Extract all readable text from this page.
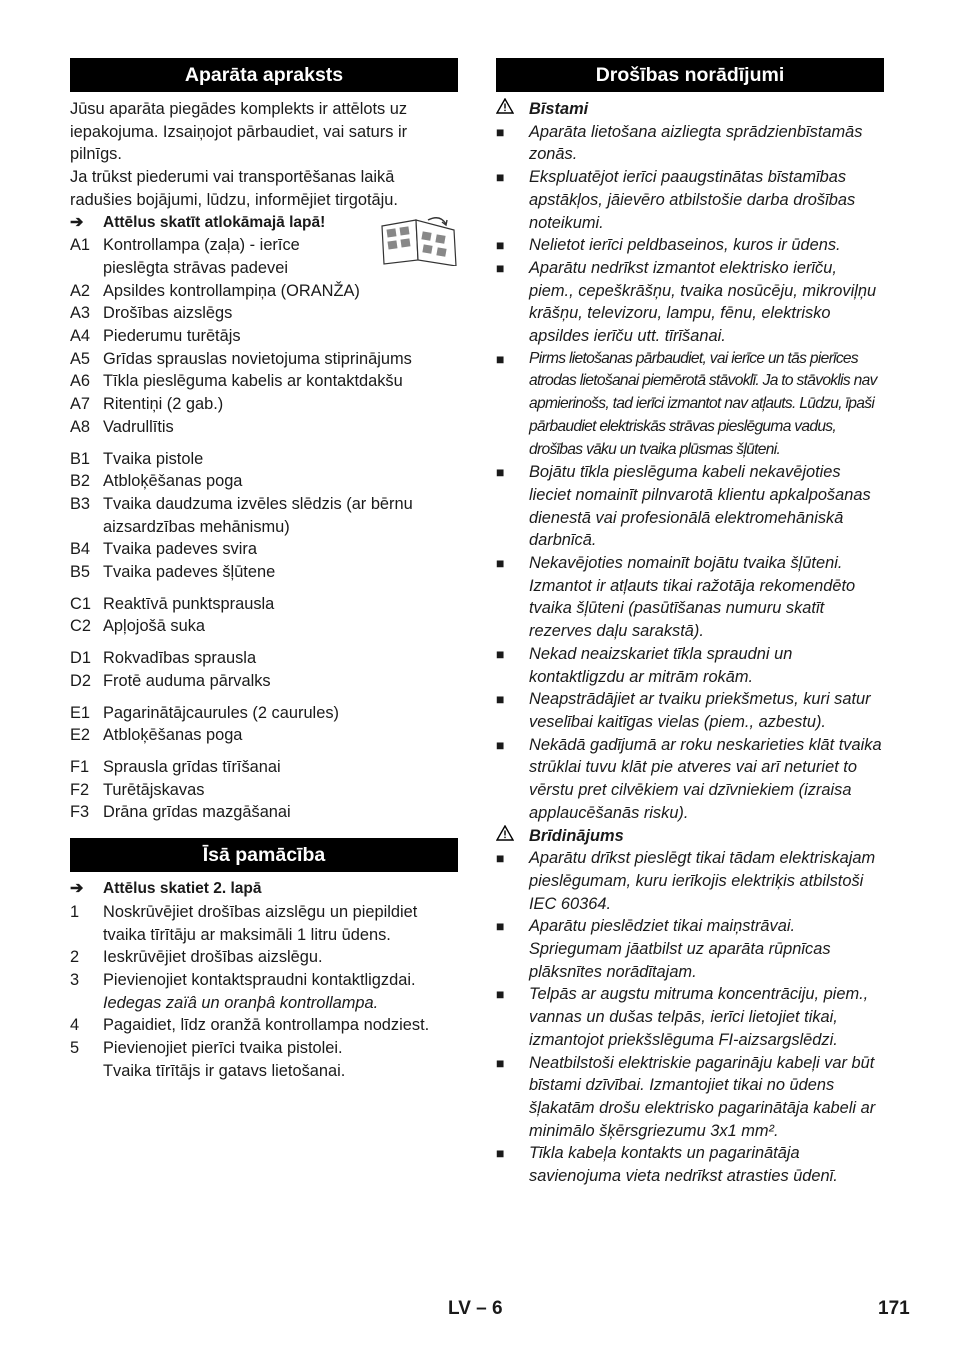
Aparāta apraksts

Jūsu aparāta piegādes komplekts ir attēlots uz iepakojuma. Izsaiņojot pārbaudiet, vai saturs ir pilnīgs.

Ja trūkst piederumi vai transportēšanas laikā radušies bojājumi, lūdzu, informējiet tirgotāju.

➔	Attēlus skatīt atlokāmajā lapā!
A1 Kontrollampa (zaļa) - ierīce pieslēgta strāvas padevei
A2 Apsildes kontrollampiņa (ORANŽA)
A3 Drošības aizslēgs
A4 Piederumu turētājs
A5 Grīdas sprauslas novietojuma stiprinājums
A6 Tīkla pieslēguma kabelis ar kontaktdakšu
A7 Ritentiņi (2 gab.)
A8 Vadrullītis
B1 Tvaika pistole
B2 Atbloķēšanas poga
B3 Tvaika daudzuma izvēles slēdzis (ar bērnu aizsardzības mehānismu)
B4 Tvaika padeves svira
B5 Tvaika padeves šļūtene
C1 Reaktīvā punktsprausla
C2 Apļojošā suka
D1 Rokvadības sprausla
D2 Frotē auduma pārvalks
E1 Pagarinātājcaurules (2 caurules)
E2 Atbloķēšanas poga
F1 Sprausla grīdas tīrīšanai
F2 Turētājskavas
F3 Drāna grīdas mazgāšanai
Īsā pamācība
➔	Attēlus skatiet 2. lapā
1	Noskrūvējiet drošības aizslēgu un piepildiet tvaika tīrītāju ar maksimāli 1 litru ūdens.
2	Ieskrūvējiet drošības aizslēgu.
3	Pievienojiet kontaktspraudni kontaktligzdai.
Iedegas zaïâ un oranþâ kontrollampa.
4	Pagaidiet, līdz oranžā kontrollampa nodziest.
5	Pievienojiet pierīci tvaika pistolei.
Tvaika tīrītājs ir gatavs lietošanai.
Drošības norādījumi
Bīstami
■	Aparāta lietošana aizliegta sprādzienbīstamās zonās.
■	Ekspluatējot ierīci paaugstinātas bīstamības apstākļos, jāievēro atbilstošie darba drošības noteikumi.
■	Nelietot ierīci peldbaseinos, kuros ir ūdens.
■	Aparātu nedrīkst izmantot elektrisko ierīču, piem., cepeškrāšņu, tvaika nosūcēju, mikroviļņu krāšņu, televizoru, lampu, fēnu, elektrisko apsildes ierīču utt. tīrīšanai.
■	Pirms lietošanas pārbaudiet, vai ierīce un tās pierīces atrodas lietošanai piemērotā stāvoklī. Ja to stāvoklis nav apmierinošs, tad ierīci izmantot nav atļauts. Lūdzu, īpaši pārbaudiet elektriskās strāvas pieslēguma vadus, drošības vāku un tvaika plūsmas šļūteni.
■	Bojātu tīkla pieslēguma kabeli nekavējoties lieciet nomainīt pilnvarotā klientu apkalpošanas dienestā vai profesionālā elektromehāniskā darbnīcā.
■	Nekavējoties nomainīt bojātu tvaika šļūteni. Izmantot ir atļauts tikai ražotāja rekomendēto tvaika šļūteni (pasūtīšanas numuru skatīt rezerves daļu sarakstā).
■	Nekad neaizskariet tīkla spraudni un kontaktligzdu ar mitrām rokām.
■	Neapstrādājiet ar tvaiku priekšmetus, kuri satur veselībai kaitīgas vielas (piem., azbestu).
■	Nekādā gadījumā ar roku neskarieties klāt tvaika strūklai tuvu klāt pie atveres vai arī neturiet to vērstu pret cilvēkiem vai dzīvniekiem (izraisa applaucēšanās risku).
Brīdinājums
■	Aparātu drīkst pieslēgt tikai tādam elektriskajam pieslēgumam, kuru ierīkojis elektriķis atbilstoši IEC 60364.
■	Aparātu pieslēdziet tikai maiņstrāvai. Spriegumam jāatbilst uz aparāta rūpnīcas plāksnītes norādītajam.
■	Telpās ar augstu mitruma koncentrāciju, piem., vannas un dušas telpās, ierīci lietojiet tikai, izmantojot priekšslēguma FI-aizsargslēdzi.
■	Neatbilstoši elektriskie pagarināju kabeļi var būt bīstami dzīvībai. Izmantojiet tikai no ūdens šļakatām drošu elektrisko pagarinātāja kabeli ar minimālo šķērsgriezumu 3x1 mm².
■	Tīkla kabeļa kontakts un pagarinātāja savienojuma vieta nedrīkst atrasties ūdenī.
LV – 6	171
